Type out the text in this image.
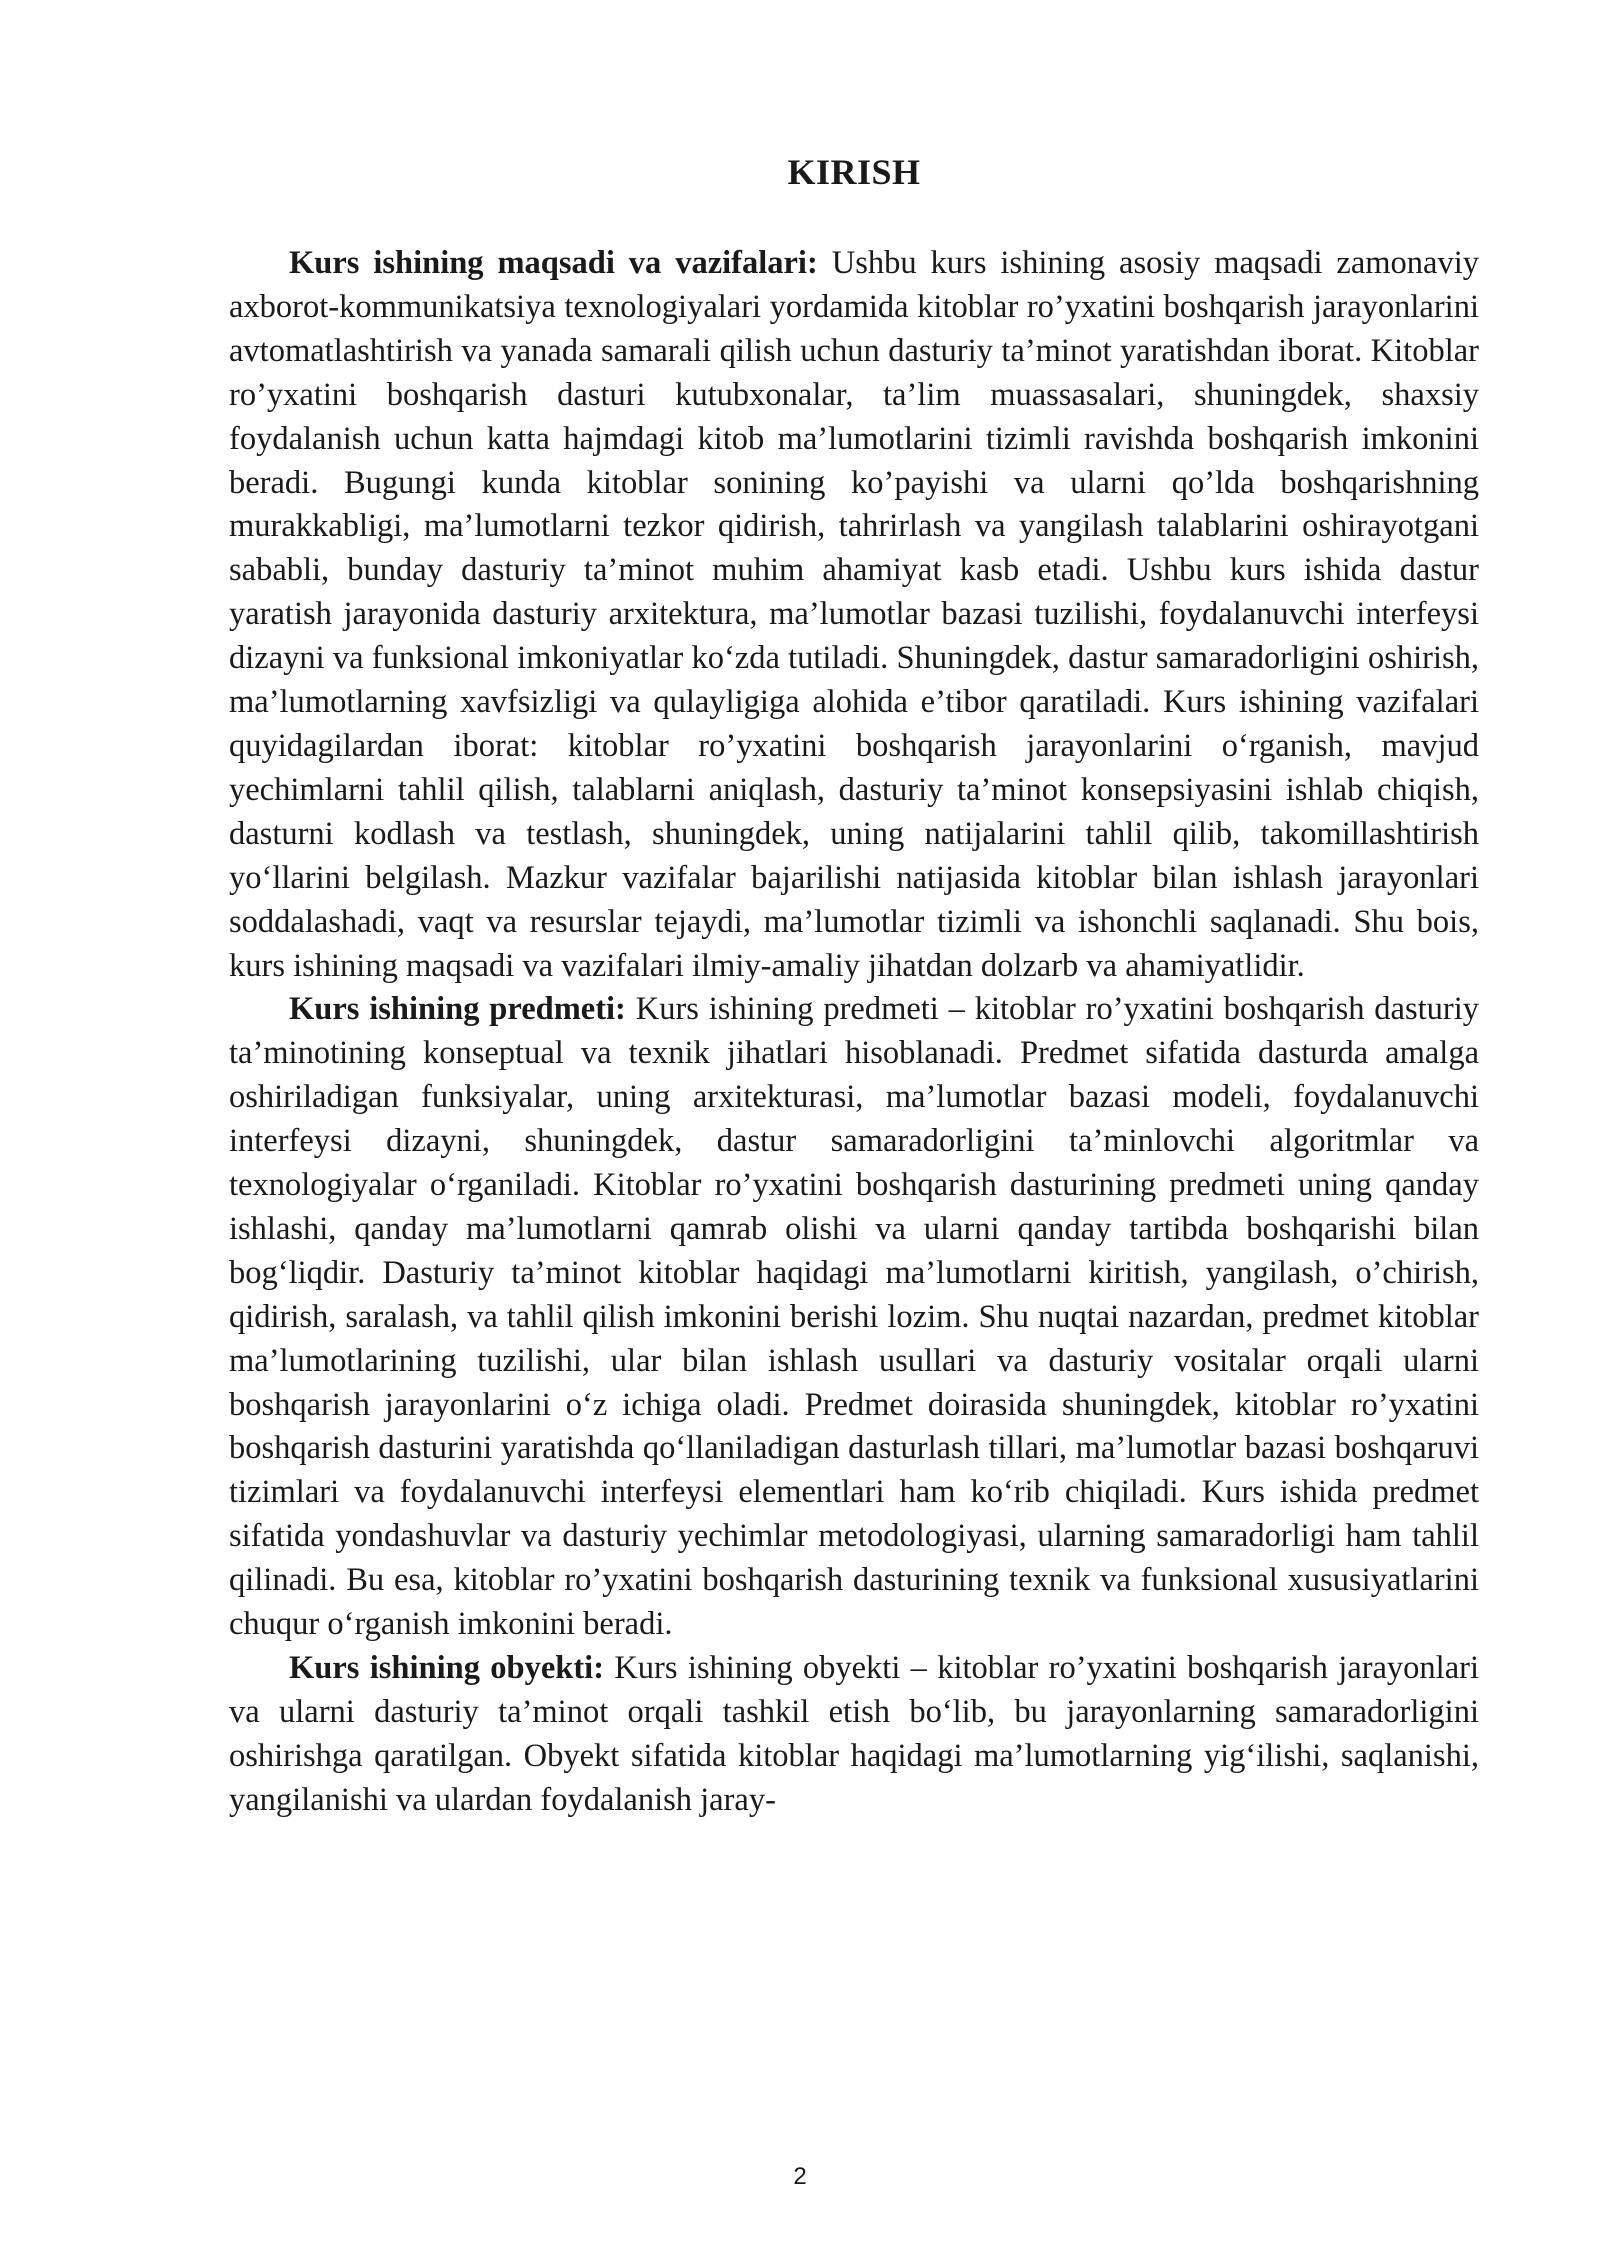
KIRISH

Kurs ishining maqsadi va vazifalari: Ushbu kurs ishining asosiy maqsadi zamonaviy axborot-kommunikatsiya texnologiyalari yordamida kitoblar ro’yxatini boshqarish jarayonlarini avtomatlashtirish va yanada samarali qilish uchun dasturiy ta’minot yaratishdan iborat. Kitoblar ro’yxatini boshqarish dasturi kutubxonalar, ta’lim muassasalari, shuningdek, shaxsiy foydalanish uchun katta hajmdagi kitob ma’lumotlarini tizimli ravishda boshqarish imkonini beradi. Bugungi kunda kitoblar sonining ko’payishi va ularni qo’lda boshqarishning murakkabligi, ma’lumotlarni tezkor qidirish, tahrirlash va yangilash talablarini oshirayotgani sababli, bunday dasturiy ta’minot muhim ahamiyat kasb etadi. Ushbu kurs ishida dastur yaratish jarayonida dasturiy arxitektura, ma’lumotlar bazasi tuzilishi, foydalanuvchi interfeysi dizayni va funksional imkoniyatlar ko‘zda tutiladi. Shuningdek, dastur samaradorligini oshirish, ma’lumotlarning xavfsizligi va qulayligiga alohida e’tibor qaratiladi. Kurs ishining vazifalari quyidagilardan iborat: kitoblar ro’yxatini boshqarish jarayonlarini o‘rganish, mavjud yechimlarni tahlil qilish, talablarni aniqlash, dasturiy ta’minot konsepsiyasini ishlab chiqish, dasturni kodlash va testlash, shuningdek, uning natijalarini tahlil qilib, takomillashtirish yo‘llarini belgilash. Mazkur vazifalar bajarilishi natijasida kitoblar bilan ishlash jarayonlari soddalashadi, vaqt va resurslar tejaydi, ma’lumotlar tizimli va ishonchli saqlanadi. Shu bois, kurs ishining maqsadi va vazifalari ilmiy-amaliy jihatdan dolzarb va ahamiyatlidir.

Kurs ishining predmeti: Kurs ishining predmeti – kitoblar ro’yxatini boshqarish dasturiy ta’minotining konseptual va texnik jihatlari hisoblanadi. Predmet sifatida dasturda amalga oshiriladigan funksiyalar, uning arxitekturasi, ma’lumotlar bazasi modeli, foydalanuvchi interfeysi dizayni, shuningdek, dastur samaradorligini ta’minlovchi algoritmlar va texnologiyalar o‘rganiladi. Kitoblar ro’yxatini boshqarish dasturining predmeti uning qanday ishlashi, qanday ma’lumotlarni qamrab olishi va ularni qanday tartibda boshqarishi bilan bog‘liqdir. Dasturiy ta’minot kitoblar haqidagi ma’lumotlarni kiritish, yangilash, o’chirish, qidirish, saralash, va tahlil qilish imkonini berishi lozim. Shu nuqtai nazardan, predmet kitoblar ma’lumotlarining tuzilishi, ular bilan ishlash usullari va dasturiy vositalar orqali ularni boshqarish jarayonlarini o‘z ichiga oladi. Predmet doirasida shuningdek, kitoblar ro’yxatini boshqarish dasturini yaratishda qo‘llaniladigan dasturlash tillari, ma’lumotlar bazasi boshqaruvi tizimlari va foydalanuvchi interfeysi elementlari ham ko‘rib chiqiladi. Kurs ishida predmet sifatida yondashuvlar va dasturiy yechimlar metodologiyasi, ularning samaradorligi ham tahlil qilinadi. Bu esa, kitoblar ro’yxatini boshqarish dasturining texnik va funksional xususiyatlarini chuqur o‘rganish imkonini beradi.

Kurs ishining obyekti: Kurs ishining obyekti – kitoblar ro’yxatini boshqarish jarayonlari va ularni dasturiy ta’minot orqali tashkil etish bo‘lib, bu jarayonlarning samaradorligini oshirishga qaratilgan. Obyekt sifatida kitoblar haqidagi ma’lumotlarning yig‘ilishi, saqlanishi, yangilanishi va ulardan foydalanish jaray-

2
